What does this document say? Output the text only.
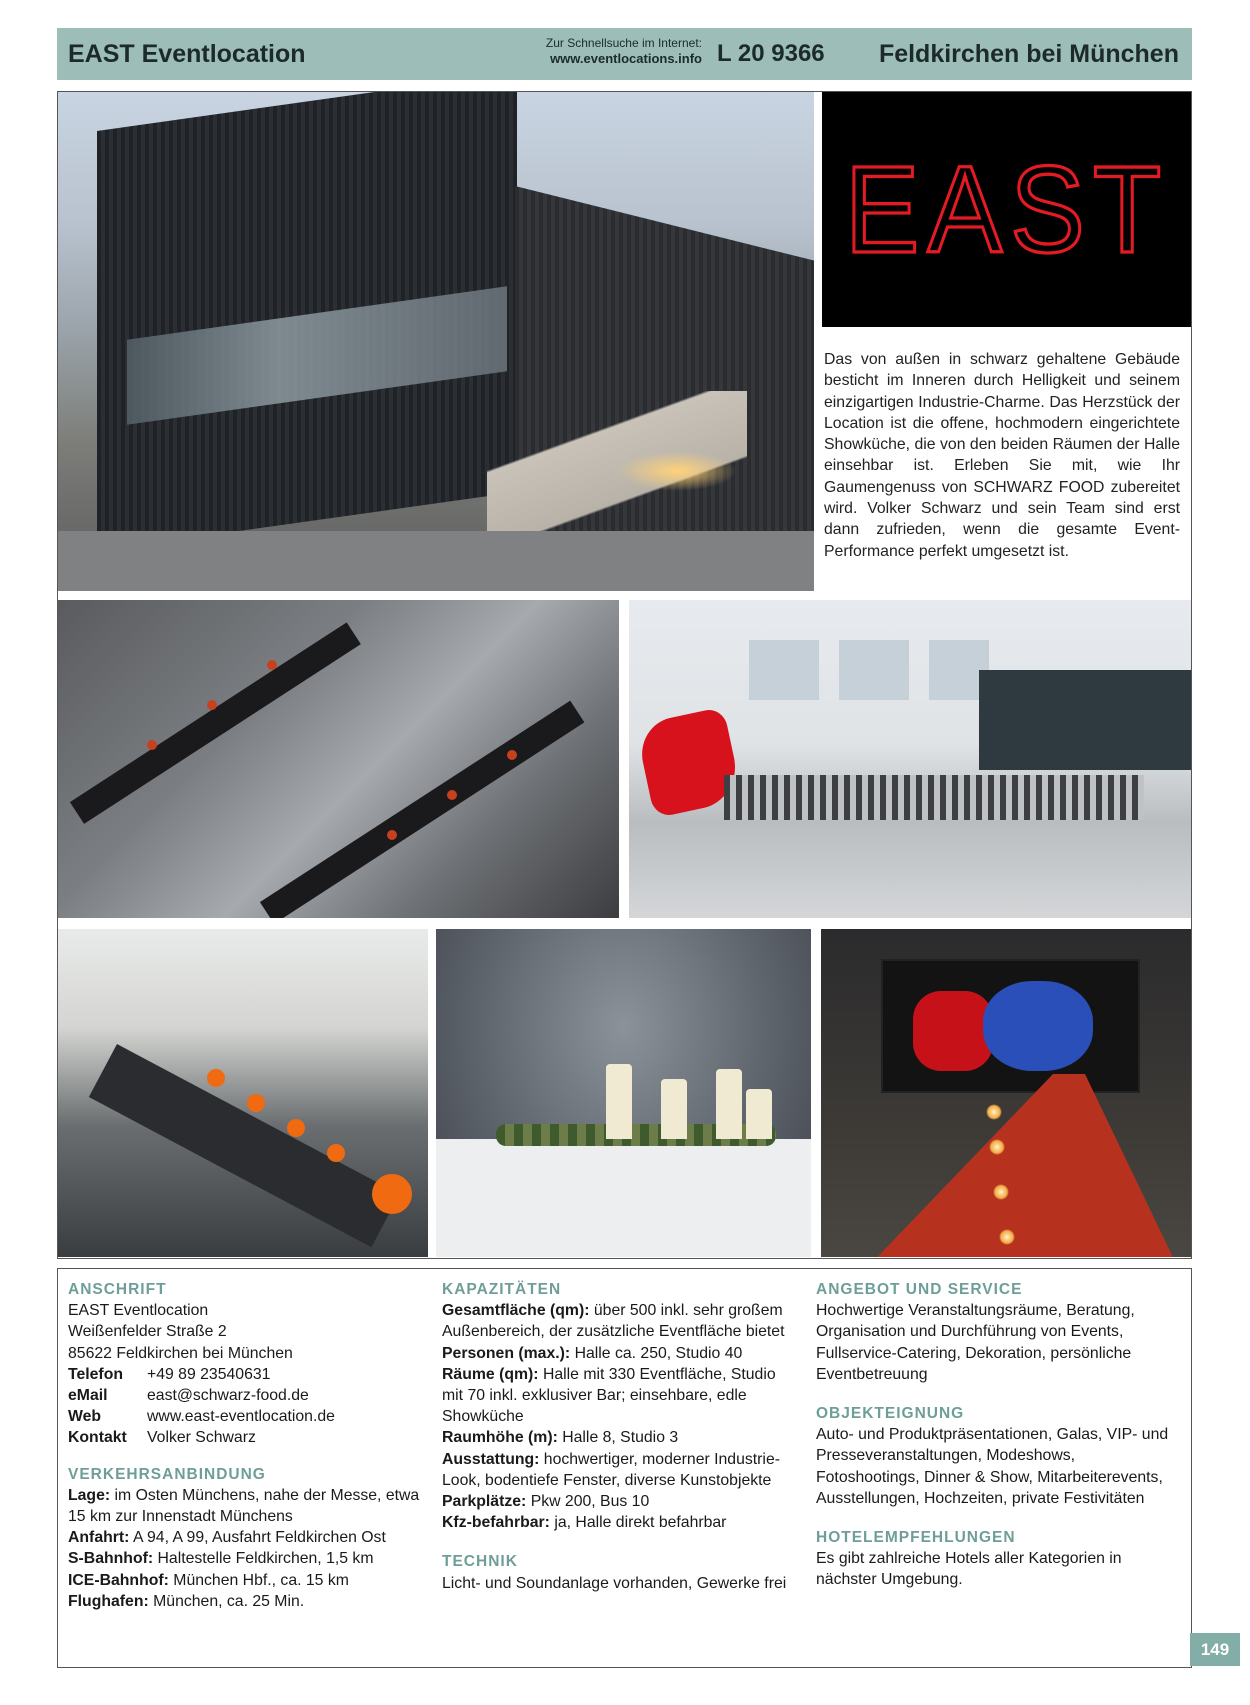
EAST Eventlocation	Zur Schnellsuche im Internet:
www.eventlocations.info L 20 9366 Feldkirchen bei München
EAST
Das von außen in schwarz gehaltene Gebäude besticht im Inneren durch Helligkeit und seinem einzigartigen Industrie-Charme. Das Herzstück der Location ist die offene, hochmodern eingerichtete Showküche, die von den beiden Räumen der Halle einsehbar ist. Erleben Sie mit, wie Ihr Gaumengenuss von SCHWARZ FOOD zubereitet wird. Volker Schwarz und sein Team sind erst dann zufrieden, wenn die gesamte Event-Performance perfekt umgesetzt ist.
ANSCHRIFT

EAST Eventlocation

Weißenfelder Straße 2

85622 Feldkirchen bei München

Telefon	+49 89 23540631
eMail	east@schwarz-food.de
Web	www.east-eventlocation.de
Kontakt	Volker Schwarz
VERKEHRSANBINDUNG

Lage: im Osten Münchens, nahe der Messe, etwa 15 km zur Innenstadt Münchens

Anfahrt: A 94, A 99, Ausfahrt Feldkirchen Ost

S-Bahnhof: Haltestelle Feldkirchen, 1,5 km

ICE-Bahnhof: München Hbf., ca. 15 km

Flughafen: München, ca. 25 Min.

KAPAZITÄTEN

Gesamtfläche (qm): über 500 inkl. sehr großem Außenbereich, der zusätzliche Eventfläche bietet

Personen (max.): Halle ca. 250, Studio 40

Räume (qm): Halle mit 330 Eventfläche, Studio mit 70 inkl. exklusiver Bar; einsehbare, edle Showküche

Raumhöhe (m): Halle 8, Studio 3

Ausstattung: hochwertiger, moderner Industrie-Look, bodentiefe Fenster, diverse Kunstobjekte

Parkplätze: Pkw 200, Bus 10

Kfz-befahrbar: ja, Halle direkt befahrbar

TECHNIK

Licht- und Soundanlage vorhanden, Gewerke frei

ANGEBOT UND SERVICE

Hochwertige Veranstaltungsräume, Beratung, Organisation und Durchführung von Events, Fullservice-Catering, Dekoration, persönliche Eventbetreuung

OBJEKTEIGNUNG

Auto- und Produktpräsentationen, Galas, VIP- und Presseveranstaltungen, Modeshows, Fotoshootings, Dinner & Show, Mitarbeiterevents, Ausstellungen, Hochzeiten, private Festivitäten

HOTELEMPFEHLUNGEN

Es gibt zahlreiche Hotels aller Kategorien in nächster Umgebung.

149
